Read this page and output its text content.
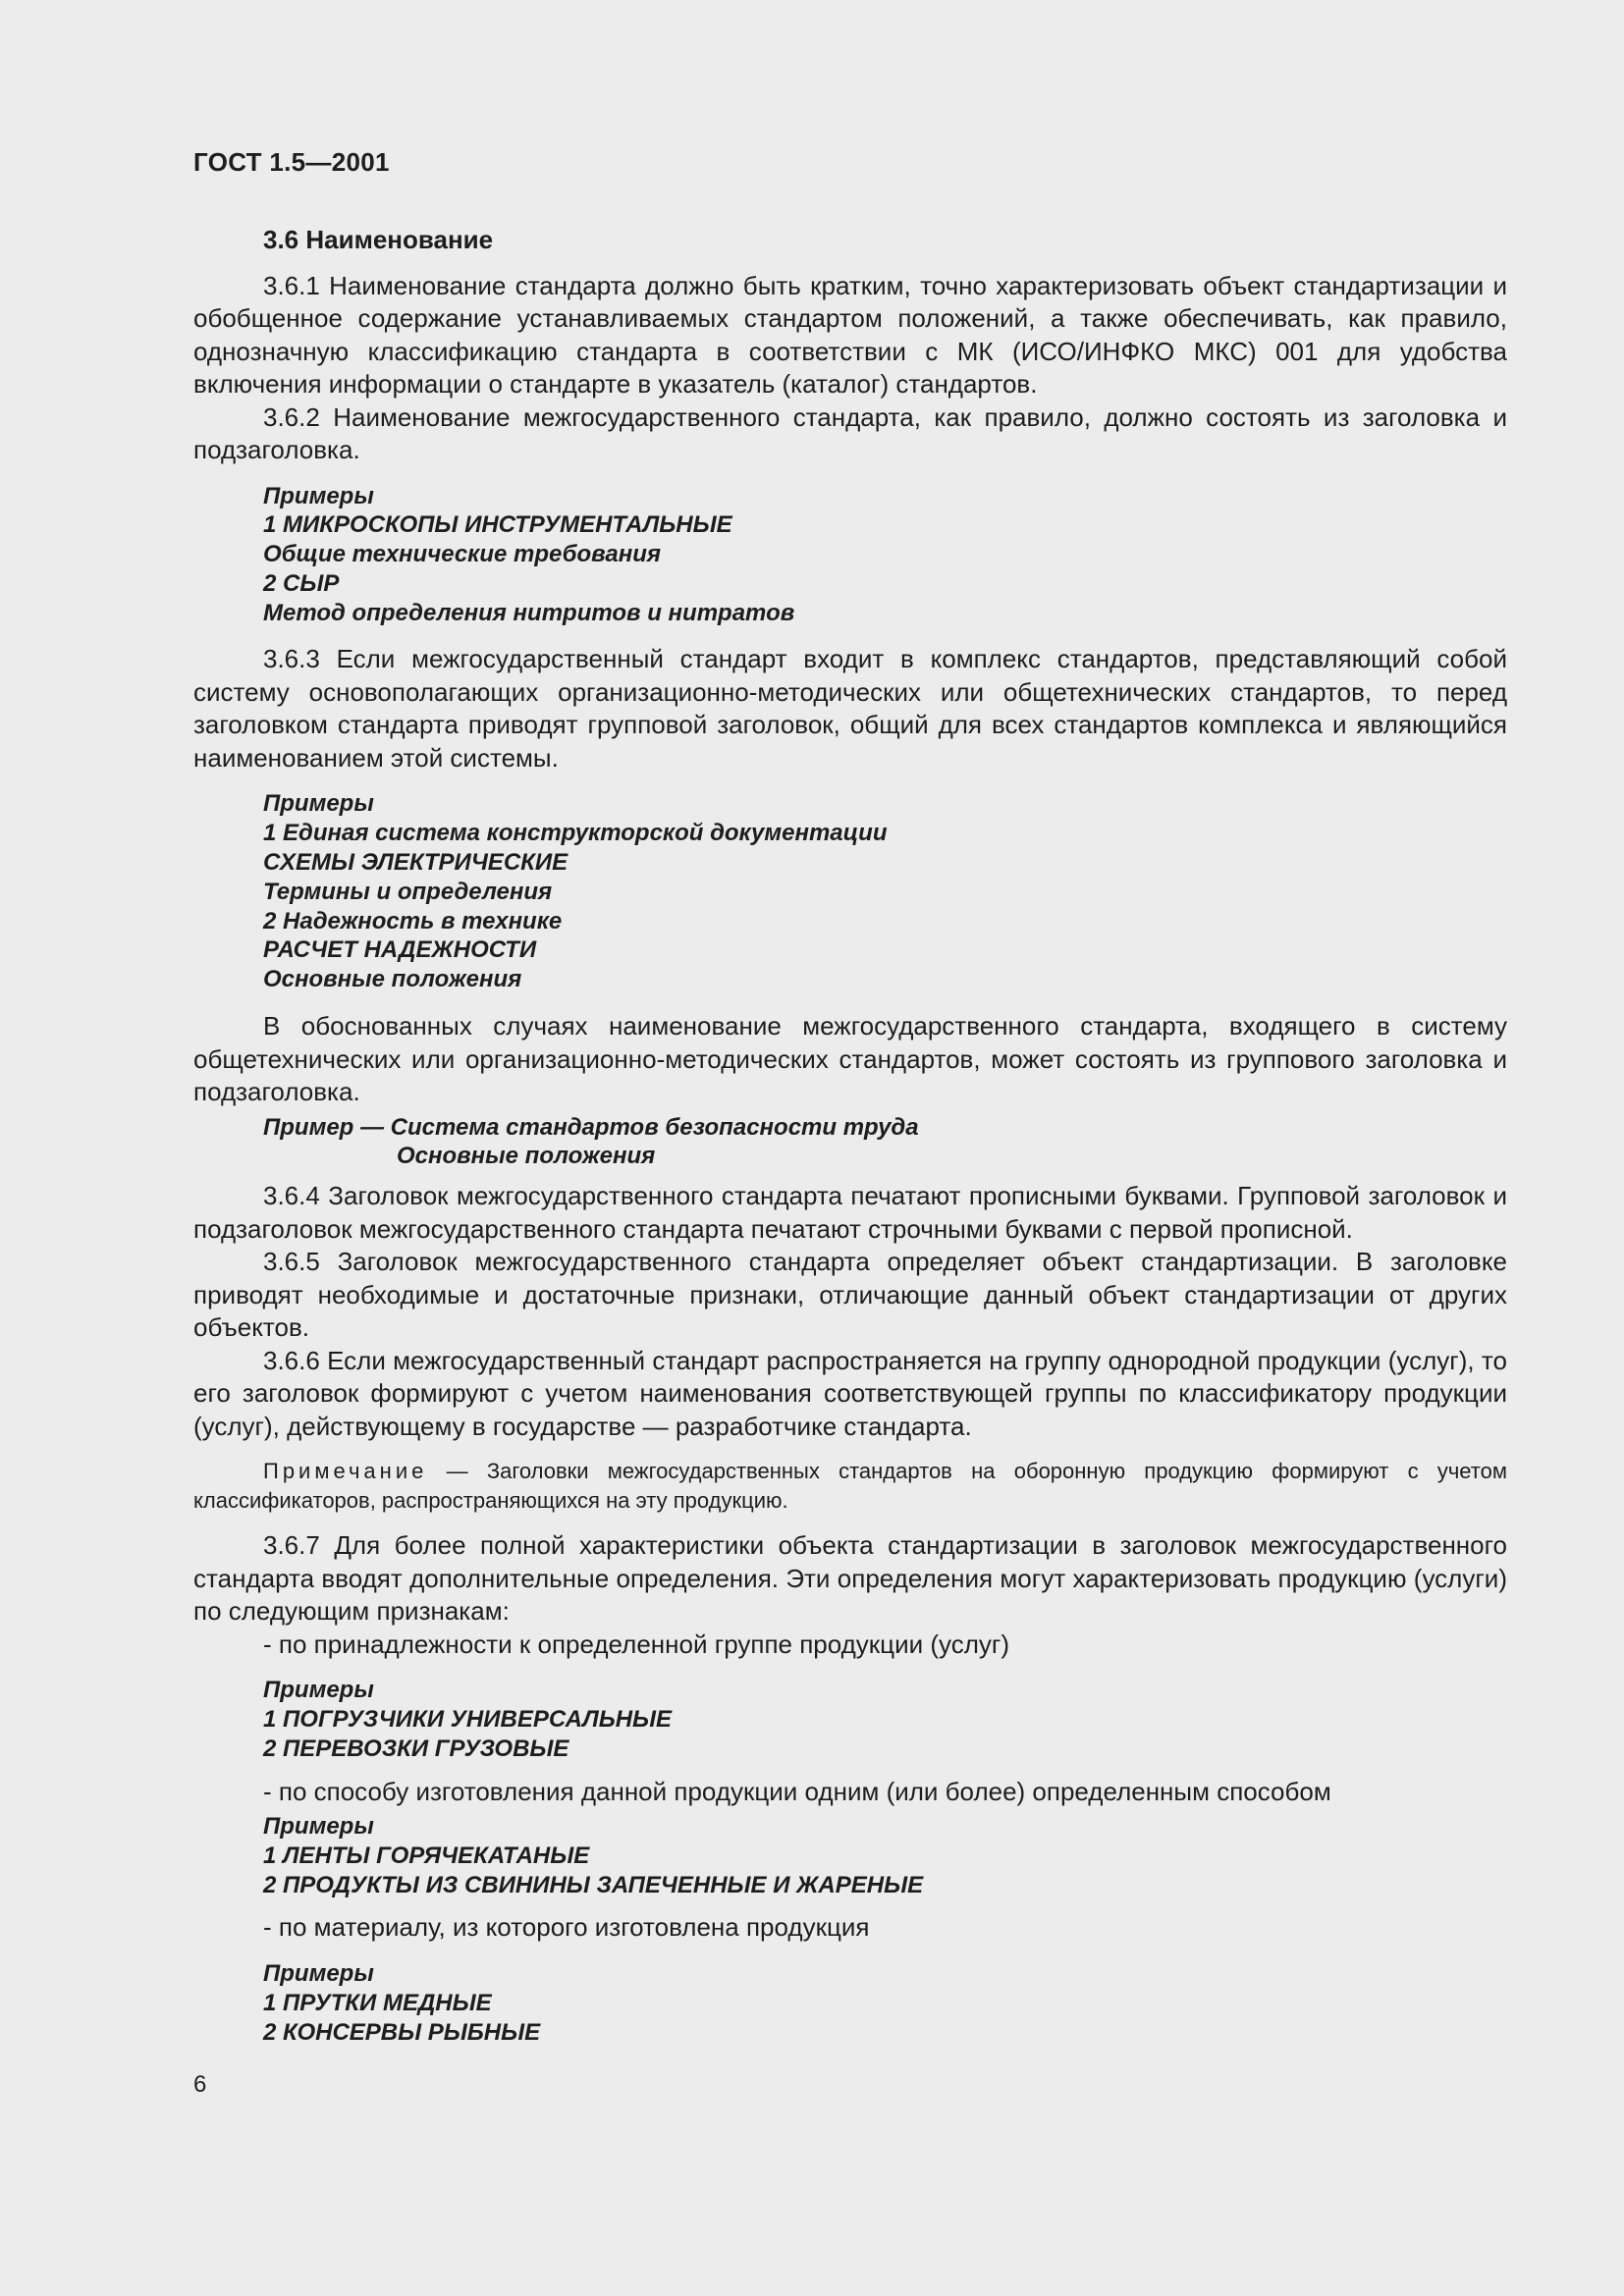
ГОСТ 1.5—2001
3.6 Наименование

3.6.1 Наименование стандарта должно быть кратким, точно характеризовать объект стандартизации и обобщенное содержание устанавливаемых стандартом положений, а также обеспечивать, как правило, однозначную классификацию стандарта в соответствии с МК (ИСО/ИНФКО МКС) 001 для удобства включения информации о стандарте в указатель (каталог) стандартов.

3.6.2 Наименование межгосударственного стандарта, как правило, должно состоять из заголовка и подзаголовка.

Примеры
1 МИКРОСКОПЫ ИНСТРУМЕНТАЛЬНЫЕ
Общие технические требования
2 СЫР
Метод определения нитритов и нитратов

3.6.3 Если межгосударственный стандарт входит в комплекс стандартов, представляющий собой систему основополагающих организационно-методических или общетехнических стандартов, то перед заголовком стандарта приводят групповой заголовок, общий для всех стандартов комплекса и являющийся наименованием этой системы.

Примеры
1 Единая система конструкторской документации
СХЕМЫ ЭЛЕКТРИЧЕСКИЕ
Термины и определения
2 Надежность в технике
РАСЧЕТ НАДЕЖНОСТИ
Основные положения

В обоснованных случаях наименование межгосударственного стандарта, входящего в систему общетехнических или организационно-методических стандартов, может состоять из группового заголовка и подзаголовка.

Пример — Система стандартов безопасности труда
Основные положения

3.6.4 Заголовок межгосударственного стандарта печатают прописными буквами. Групповой заголовок и подзаголовок межгосударственного стандарта печатают строчными буквами с первой прописной.

3.6.5 Заголовок межгосударственного стандарта определяет объект стандартизации. В заголовке приводят необходимые и достаточные признаки, отличающие данный объект стандартизации от других объектов.

3.6.6 Если межгосударственный стандарт распространяется на группу однородной продукции (услуг), то его заголовок формируют с учетом наименования соответствующей группы по классификатору продукции (услуг), действующему в государстве — разработчике стандарта.

Примечание — Заголовки межгосударственных стандартов на оборонную продукцию формируют с учетом классификаторов, распространяющихся на эту продукцию.

3.6.7 Для более полной характеристики объекта стандартизации в заголовок межгосударственного стандарта вводят дополнительные определения. Эти определения могут характеризовать продукцию (услуги) по следующим признакам:

- по принадлежности к определенной группе продукции (услуг)
Примеры
1 ПОГРУЗЧИКИ УНИВЕРСАЛЬНЫЕ
2 ПЕРЕВОЗКИ ГРУЗОВЫЕ
- по способу изготовления данной продукции одним (или более) определенным способом
Примеры
1 ЛЕНТЫ ГОРЯЧЕКАТАНЫЕ
2 ПРОДУКТЫ ИЗ СВИНИНЫ ЗАПЕЧЕННЫЕ И ЖАРЕНЫЕ
- по материалу, из которого изготовлена продукция
Примеры
1 ПРУТКИ МЕДНЫЕ
2 КОНСЕРВЫ РЫБНЫЕ
6
